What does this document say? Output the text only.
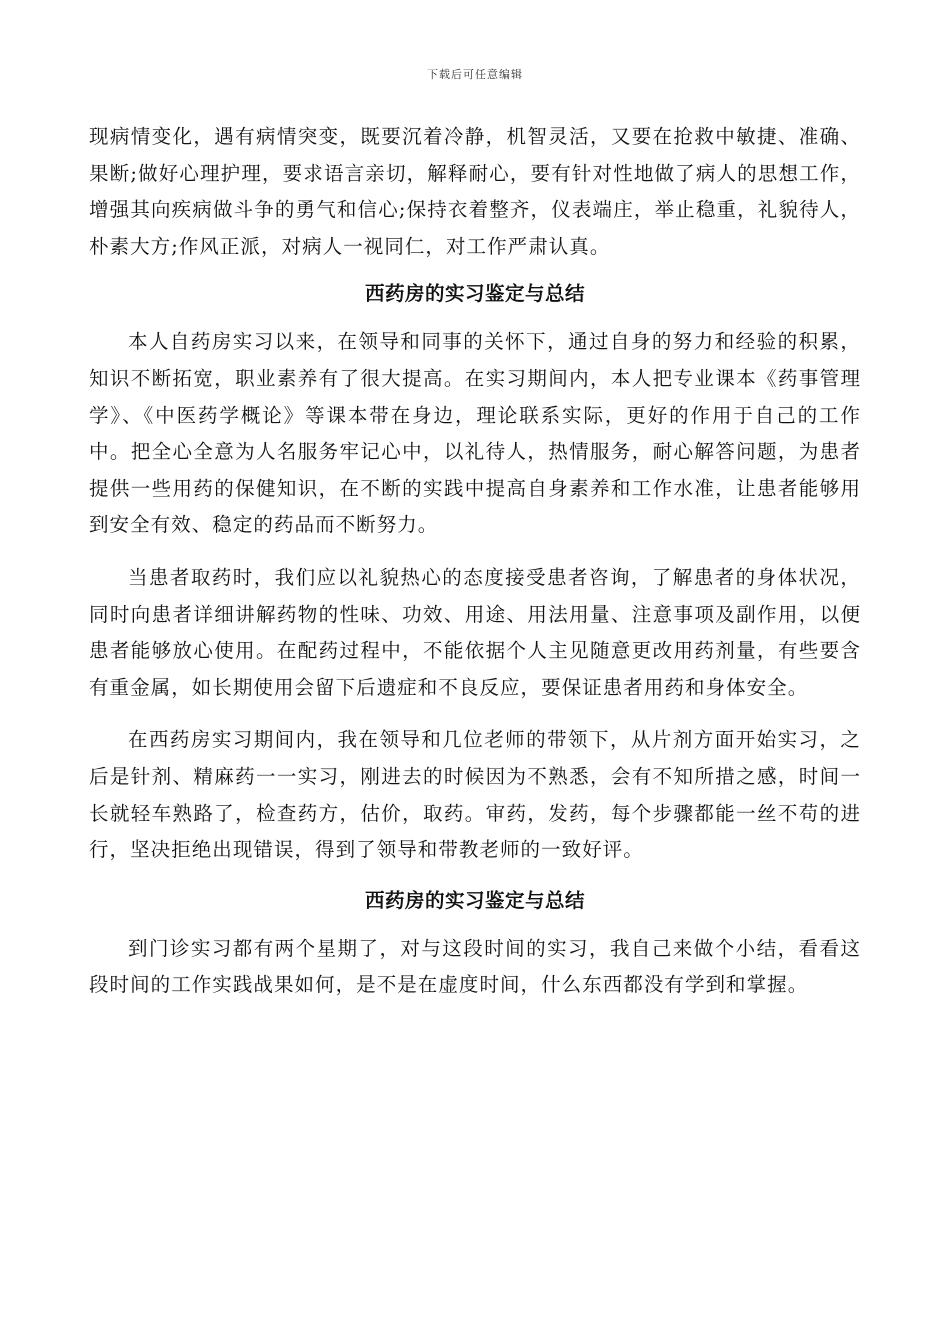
下载后可任意编辑

现病情变化，遇有病情突变，既要沉着冷静，机智灵活，又要在抢救中敏捷、准确、果断;做好心理护理，要求语言亲切，解释耐心，要有针对性地做了病人的思想工作，增强其向疾病做斗争的勇气和信心;保持衣着整齐，仪表端庄，举止稳重，礼貌待人，朴素大方;作风正派，对病人一视同仁，对工作严肃认真。

西药房的实习鉴定与总结

本人自药房实习以来，在领导和同事的关怀下，通过自身的努力和经验的积累，知识不断拓宽，职业素养有了很大提高。在实习期间内，本人把专业课本《药事管理学》、《中医药学概论》等课本带在身边，理论联系实际，更好的作用于自己的工作中。把全心全意为人名服务牢记心中，以礼待人，热情服务，耐心解答问题，为患者提供一些用药的保健知识，在不断的实践中提高自身素养和工作水准，让患者能够用到安全有效、稳定的药品而不断努力。

当患者取药时，我们应以礼貌热心的态度接受患者咨询，了解患者的身体状况，同时向患者详细讲解药物的性味、功效、用途、用法用量、注意事项及副作用，以便患者能够放心使用。在配药过程中，不能依据个人主见随意更改用药剂量，有些要含有重金属，如长期使用会留下后遗症和不良反应，要保证患者用药和身体安全。

在西药房实习期间内，我在领导和几位老师的带领下，从片剂方面开始实习，之后是针剂、精麻药一一实习，刚进去的时候因为不熟悉，会有不知所措之感，时间一长就轻车熟路了，检查药方，估价，取药。审药，发药，每个步骤都能一丝不苟的进行，坚决拒绝出现错误，得到了领导和带教老师的一致好评。

西药房的实习鉴定与总结

到门诊实习都有两个星期了，对与这段时间的实习，我自己来做个小结，看看这段时间的工作实践战果如何，是不是在虚度时间，什么东西都没有学到和掌握。
